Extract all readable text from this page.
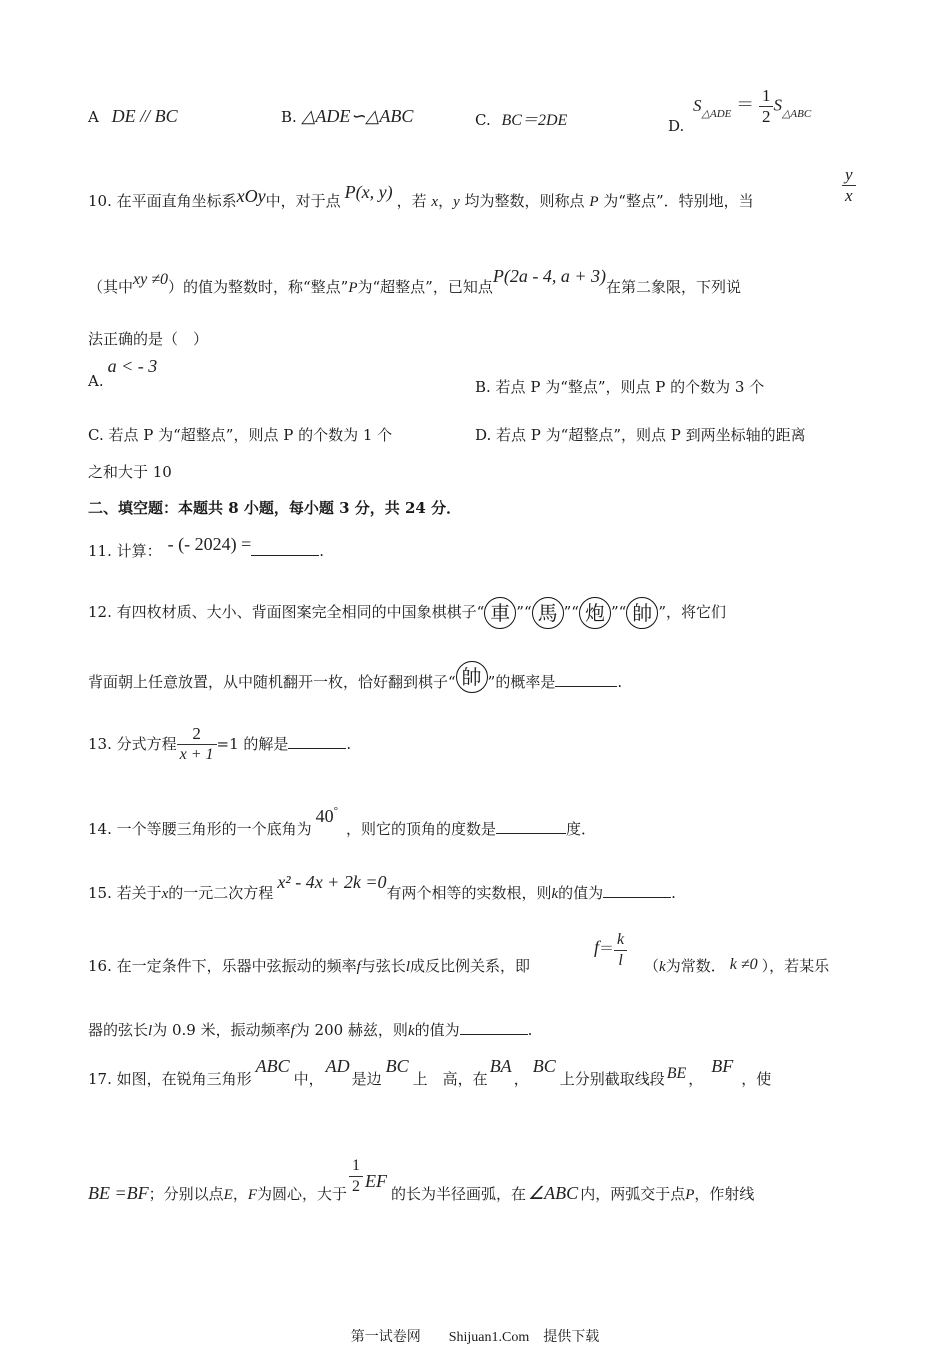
A DE // BC	B. △ADE∽△ABC	C. BC＝2DE	D. $S_{\triangle ADE} = \frac{1}{2} S_{\triangle ABC}$
10. 在平面直角坐标系xOy中，对于点 P(x, y) ，若 x，y 均为整数，则称点 P 为“整点”．特别地，当	$\frac{y}{x}$
（其中xy ≠0）的值为整数时，称“整点”P为“超整点”，已知点P(2a - 4, a + 3)在第二象限，下列说
法正确的是（　）
A.a < - 3
B. 若点 P 为“整点”，则点 P 的个数为 3 个
C. 若点 P 为“超整点”，则点 P 的个数为 1 个	D. 若点 P 为“超整点”，则点 P 到两坐标轴的距离
之和大于 10
二、填空题：本题共 8 小题，每小题 3 分，共 24 分．
11. 计算： - (- 2024) =	.
12. 有四枚材质、大小、背面图案完全相同的中国象棋棋子“ 車 ”“ 馬 ”“ 炮 ”“ 帥 ”，将它们
背面朝上任意放置，从中随机翻开一枚，恰好翻到棋子“ 帥 ”的概率是	.
13. 分式方程 $\frac{2}{x + 1} =1$ 的解是	.
14. 一个等腰三角形的一个底角为40°，则它的顶角的度数是	度．
15. 若关于x的一元二次方程x² - 4x + 2k =0有两个相等的实数根，则k的值为	.
16. 在一定条件下，乐器中弦振动的频率f与弦长l成反比例关系，即
$f= \frac{k}{l} (k$为常数． k ≠0 ），若某乐
器的弦长l为 0.9 米，振动频率f为 200 赫兹，则k的值为	.
17. 如图，在锐角三角形ABC中，AD是边BC上　高，在BA，BC上分别截取线段 BE ，BF，使
BE =BF；分别以点E，F为圆心，大于 $\frac{1}{2}$ EF的长为半径画弧，在 ∠ABC 内，两弧交于点P，作射线
第一试卷网　　Shijuan1.Com　提供下载
